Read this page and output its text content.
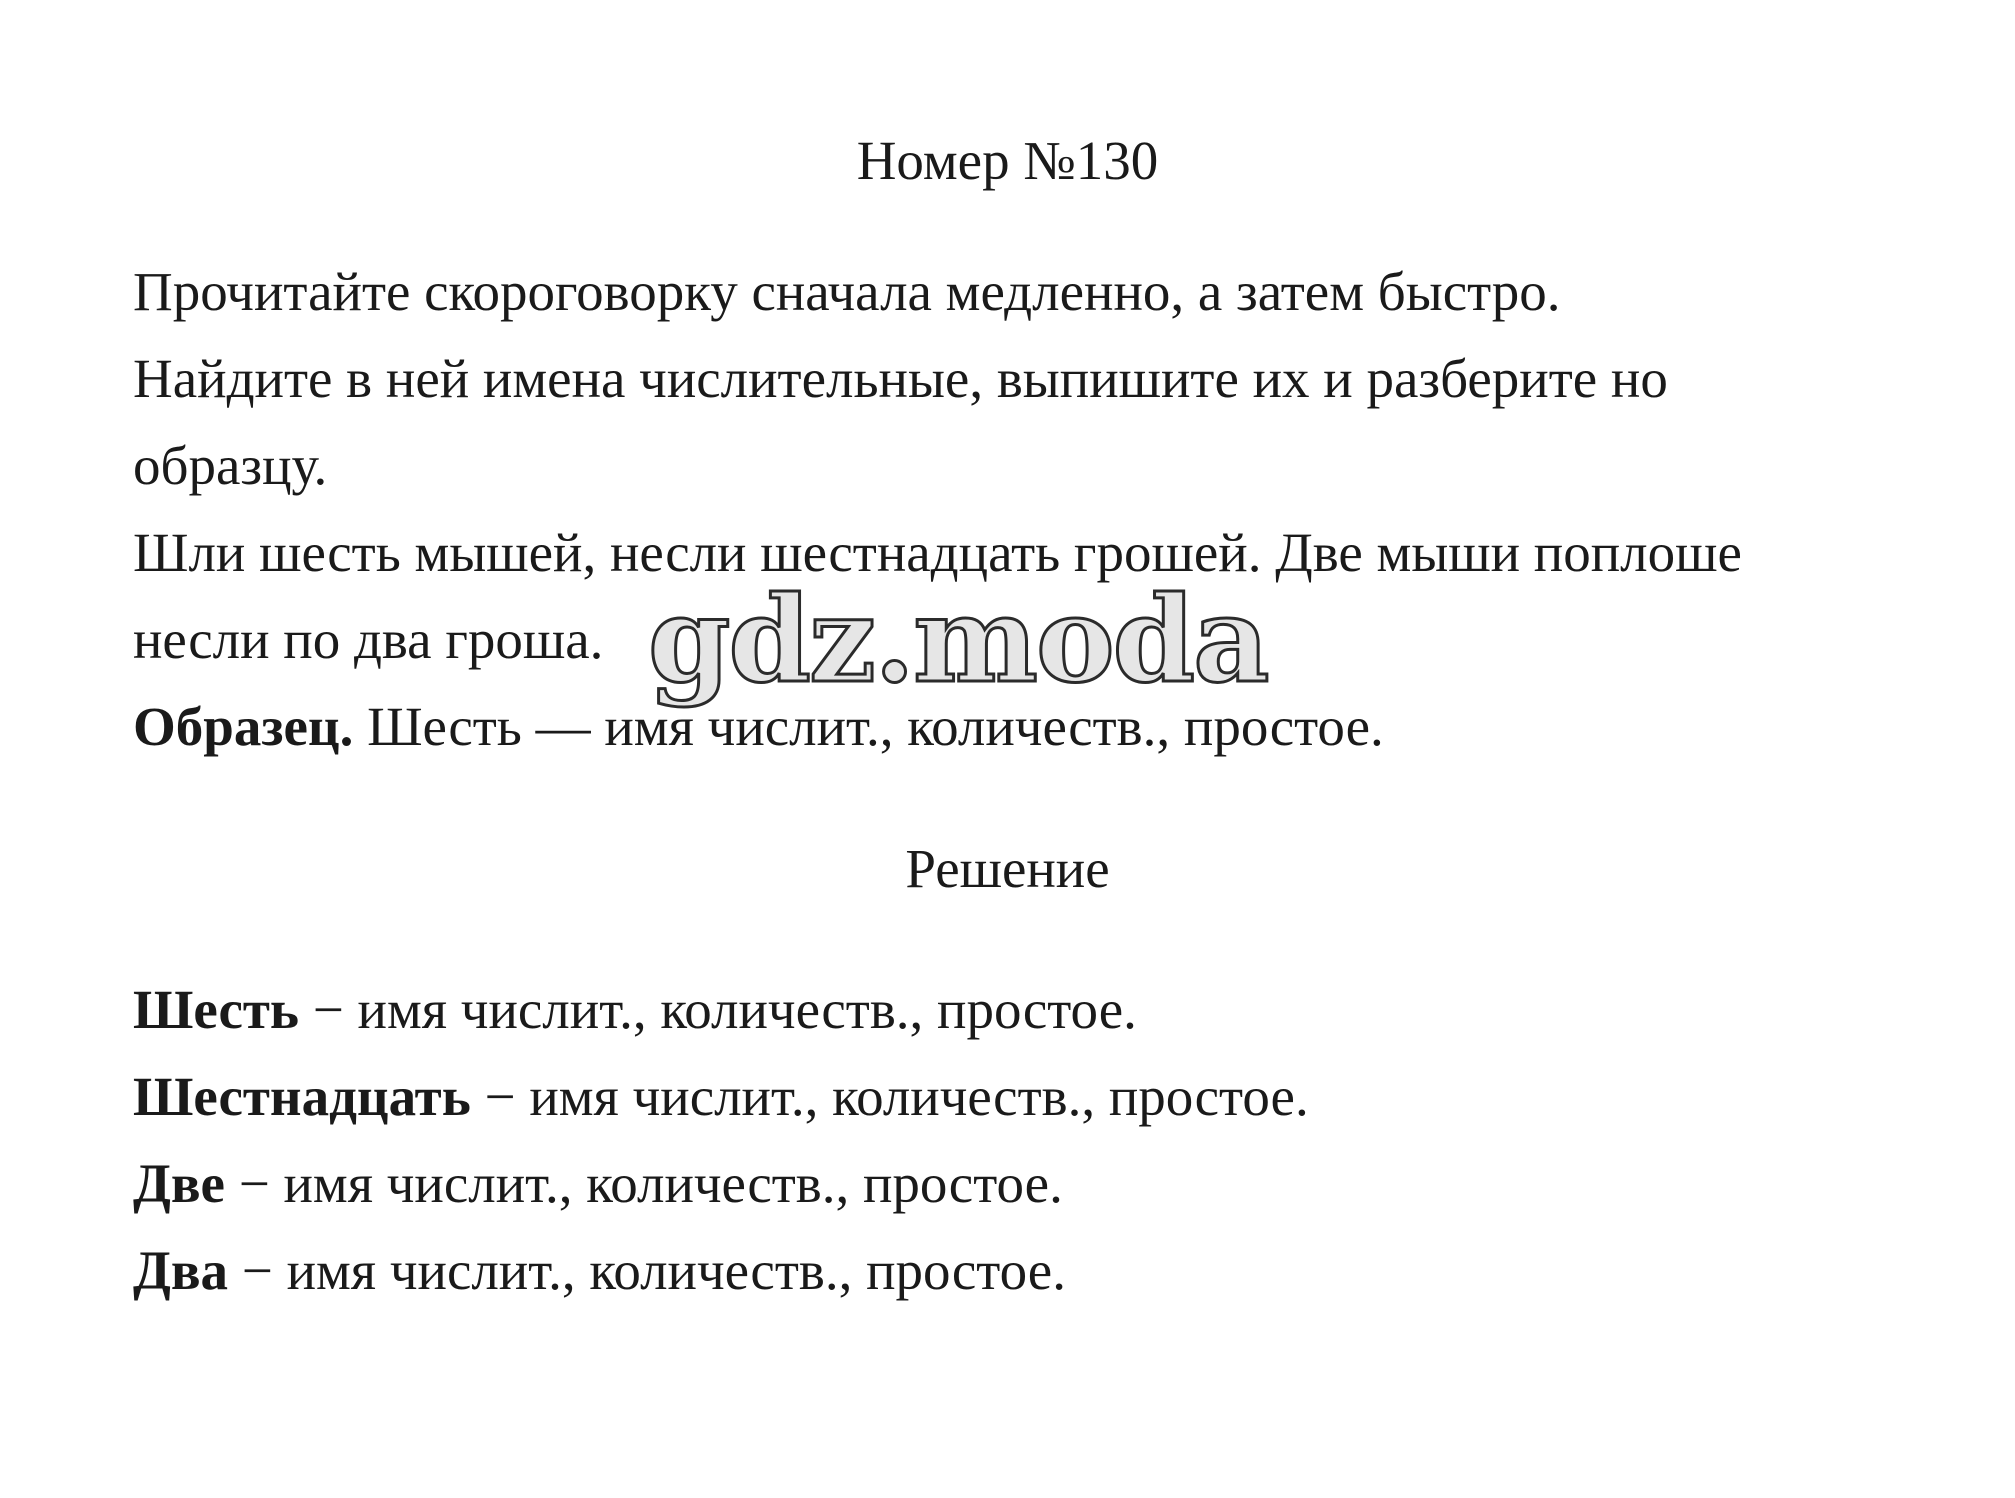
Номер №130
Прочитайте скороговорку сначала медленно, а затем быстро.
Найдите в ней имена числительные, выпишите их и разберите но
образцу.
Шли шесть мышей, несли шестнадцать грошей. Две мыши поплоше
несли по два гроша.
Образец. Шесть — имя числит., количеств., простое.
Решение
Шесть − имя числит., количеств., простое.
Шестнадцать − имя числит., количеств., простое.
Две − имя числит., количеств., простое.
Два − имя числит., количеств., простое.
gdz.moda
